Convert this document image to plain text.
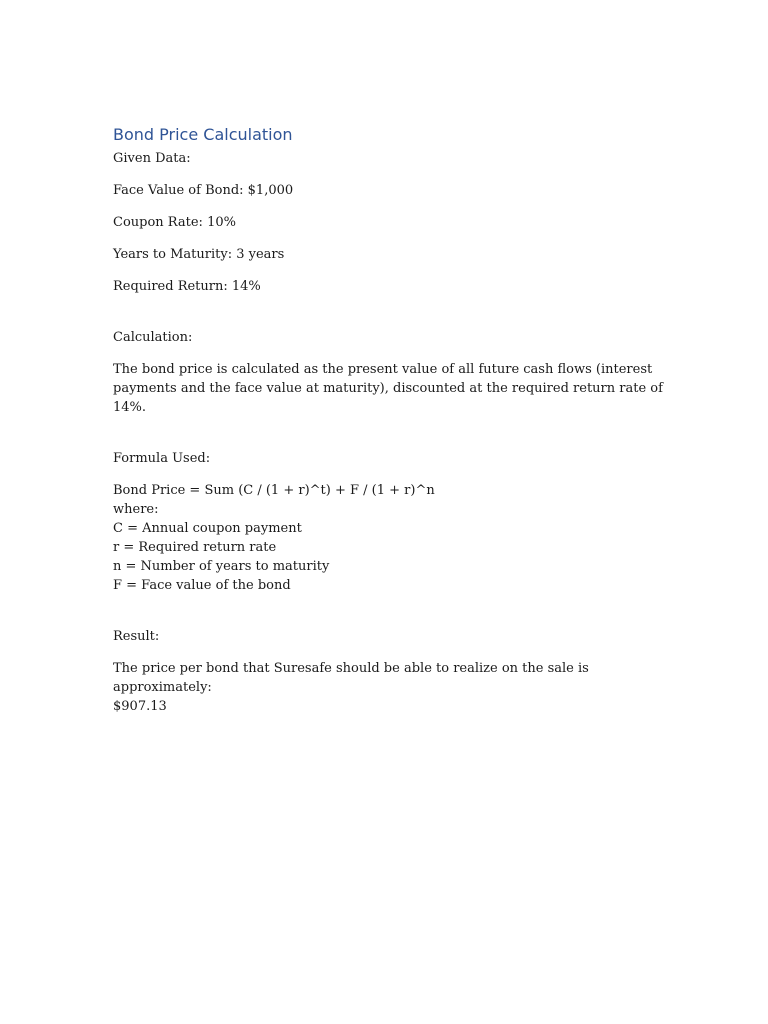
Bond Price Calculation

Given Data:

Face Value of Bond: $1,000

Coupon Rate: 10%

Years to Maturity: 3 years

Required Return: 14%

Calculation:

The bond price is calculated as the present value of all future cash flows (interest payments and the face value at maturity), discounted at the required return rate of 14%.

Formula Used:

Bond Price = Sum (C / (1 + r)^t) + F / (1 + r)^n

where:

C = Annual coupon payment

r = Required return rate

n = Number of years to maturity

F = Face value of the bond

Result:

The price per bond that Suresafe should be able to realize on the sale is approximately:

$907.13
